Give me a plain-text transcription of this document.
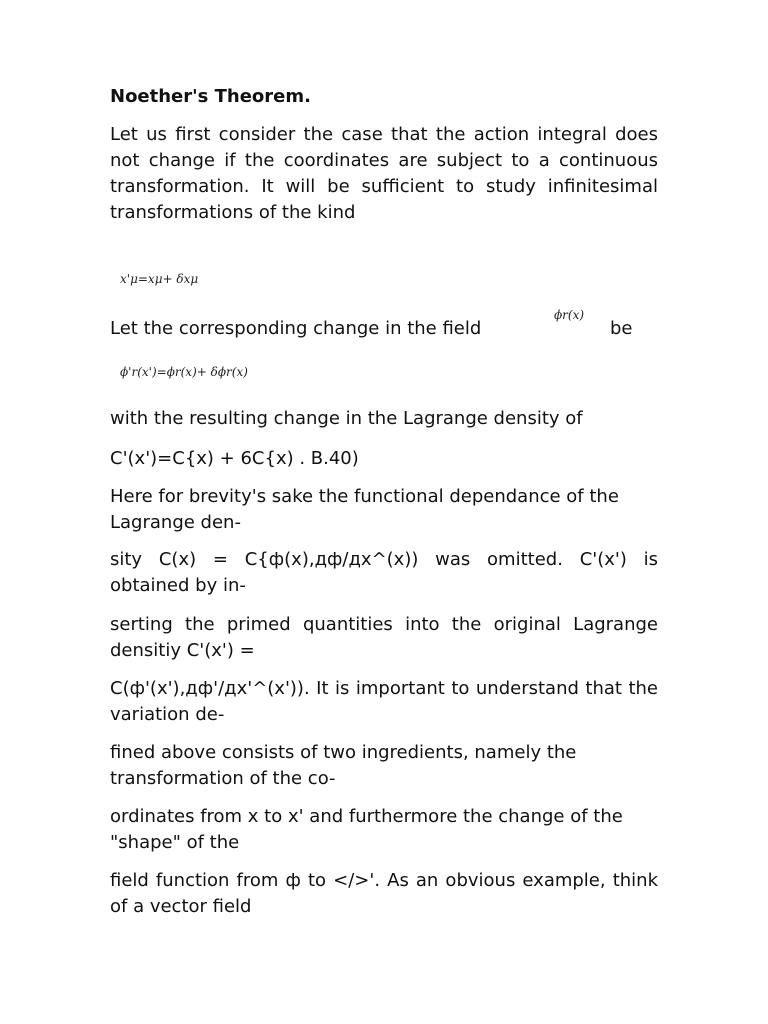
Noether's Theorem.

Let us first consider the case that the action integral does not change if the coordinates are subject to a continuous transformation. It will be sufficient to study infinitesimal transformations of the kind

x'μ=xμ+ δxμ
Let the corresponding change in the field
ϕr(x)
be
ϕ'r(x')=ϕr(x)+ δϕr(x)

with the resulting change in the Lagrange density of

C'(x')=C{x) + 6C{x) . B.40)

Here for brevity's sake the functional dependance of the Lagrange den-

sity C(x) = C{ф(x),дф/дx^(x)) was omitted. C'(x') is obtained by in-

serting the primed quantities into the original Lagrange densitiy C'(x') =

C(ф'(x'),дф'/дx'^(x')). It is important to understand that the variation de-

fined above consists of two ingredients, namely the transformation of the co-

ordinates from x to x' and furthermore the change of the "shape" of the

field function from ф to </>'. As an obvious example, think of a vector field
